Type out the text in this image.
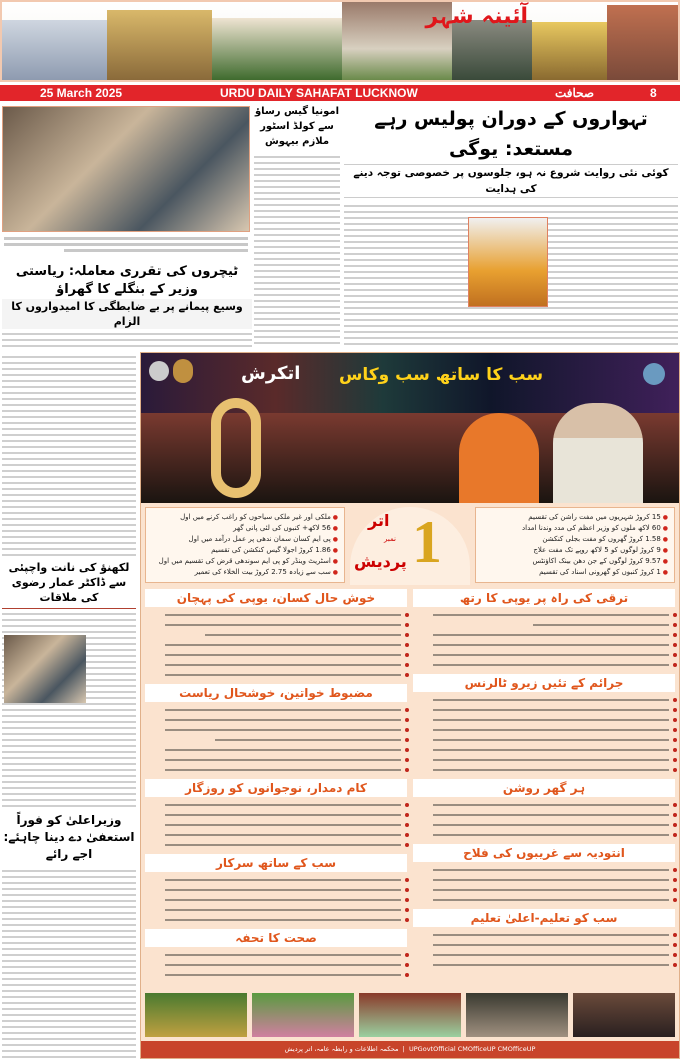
آئینہ شہر
25 March 2025	URDU DAILY SAHAFAT LUCKNOW	صحافت	8
امونیا گیس رساؤ سے کولڈ اسٹور ملازم بیہوش
تہواروں کے دوران پولیس رہے مستعد: یوگی
کوئی نئی روایت شروع نہ ہو، جلوسوں پر خصوصی توجہ دینے کی ہدایت
ٹیچروں کی تقرری معاملہ: ریاستی وزیر کے بنگلے کا گھراؤ
وسیع پیمانے پر بے ضابطگی کا امیدواروں کا الزام
لکھنؤ کی نانت واچپئی سے ڈاکٹر عمار رضوی کی ملاقات
وزیراعلیٰ کو فوراً استعفیٰ دے دینا چاہئے: اجے رائے
اتکرش	سب کا ساتھ سب وکاس
● ملکی اور غیر ملکی سیاحوں کو راغب کرنے میں اول
● 56 لاکھ+ کنبوں کی لئی پانی گھر
● پی ایم کسان سمان ندھی پر عمل درآمد میں اول
● 1.86 کروڑ اجولا گیس کنکشن کی تقسیم
● اسٹریٹ وینڈر کو پی ایم سوندھی قرض کی تقسیم میں اول
● سب سے زیادہ 2.75 کروڑ بیت الخلاء کی تعمیر 1
اتر
نمبر
پردیش
● 15 کروڑ شہریوں میں مفت راشن کی تقسیم
● 60 لاکھ ملوں کو وزیر اعظم کی مدد وندنا امداد
● 1.58 کروڑ گھروں کو مفت بجلی کنکشن
● 9 کروڑ لوگوں کو 5 لاکھ روپے تک مفت علاج
● 9.57 کروڑ لوگوں کے جن دھن بینک اکاؤنٹس
● 1 کروڑ کنبوں کو گھرونی اسناد کی تقسیم
خوش حال کسان، یوپی کی پہچان
مضبوط خواتین، خوشحال ریاست
کام دمدار، نوجوانوں کو روزگار
سب کے ساتھ سرکار
صحت کا تحفہ
ترقی کی راہ پر یوپی کا رتھ
جرائم کے تئیں زیرو ٹالرنس
ہر گھر روشن
انتودیہ سے غریبوں کی فلاح
سب کو تعلیم-اعلیٰ تعلیم
محکمہ اطلاعات و رابطہ عامہ، اتر پردیش  |  UPGovtOfficial CMOfficeUP CMOfficeUP
